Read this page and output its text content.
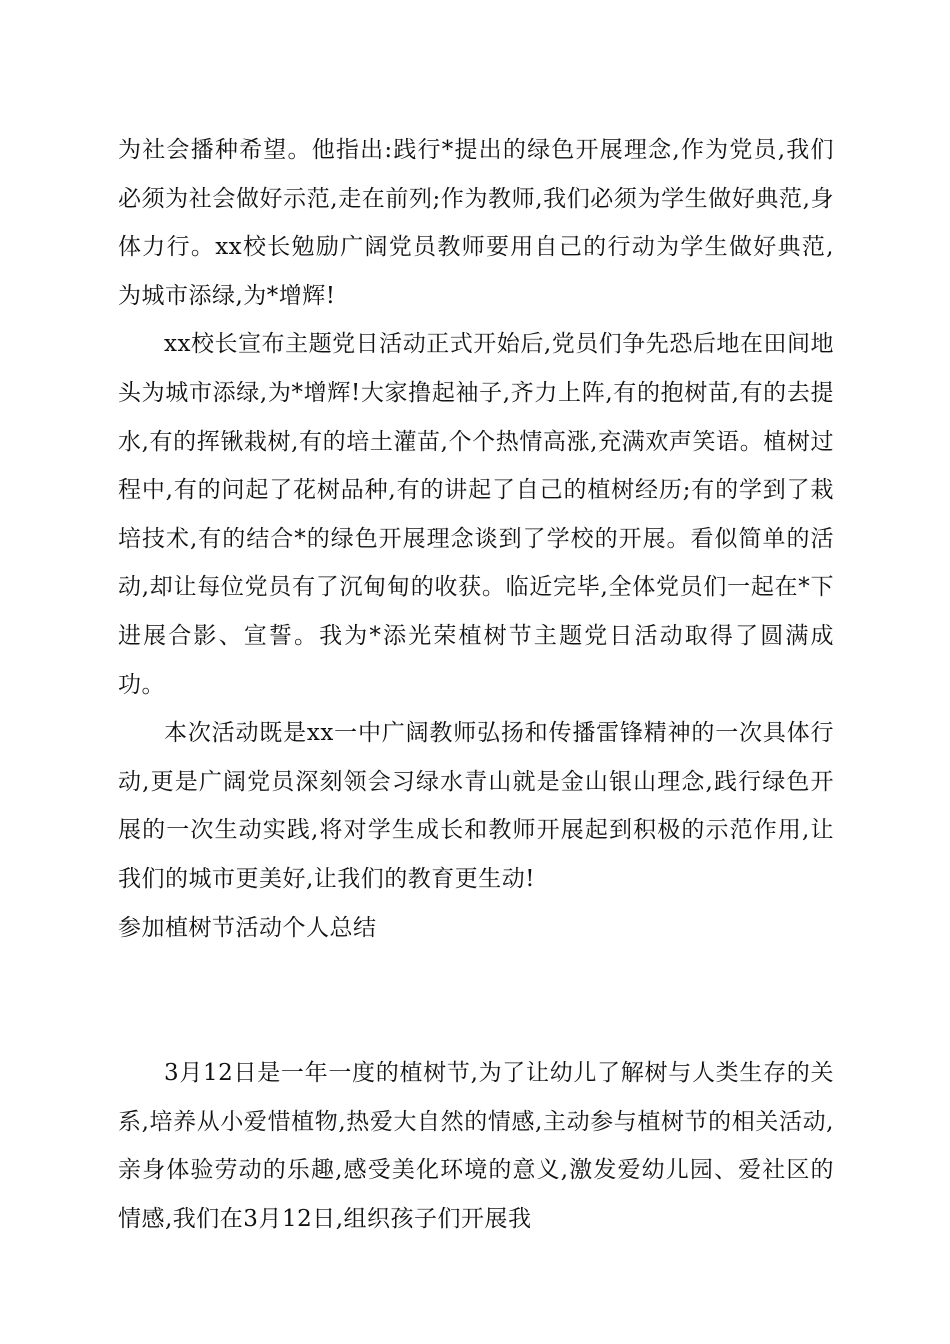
为社会播种希望。他指出:践行*提出的绿色开展理念,作为党员,我们必须为社会做好示范,走在前列;作为教师,我们必须为学生做好典范,身体力行。xx校长勉励广阔党员教师要用自己的行动为学生做好典范,为城市添绿,为*增辉!

xx校长宣布主题党日活动正式开始后,党员们争先恐后地在田间地头为城市添绿,为*增辉!大家撸起袖子,齐力上阵,有的抱树苗,有的去提水,有的挥锹栽树,有的培土灌苗,个个热情高涨,充满欢声笑语。植树过程中,有的问起了花树品种,有的讲起了自己的植树经历;有的学到了栽培技术,有的结合*的绿色开展理念谈到了学校的开展。看似简单的活动,却让每位党员有了沉甸甸的收获。临近完毕,全体党员们一起在*下进展合影、宣誓。我为*添光荣植树节主题党日活动取得了圆满成功。

本次活动既是xx一中广阔教师弘扬和传播雷锋精神的一次具体行动,更是广阔党员深刻领会习绿水青山就是金山银山理念,践行绿色开展的一次生动实践,将对学生成长和教师开展起到积极的示范作用,让我们的城市更美好,让我们的教育更生动!

参加植树节活动个人总结

3月12日是一年一度的植树节,为了让幼儿了解树与人类生存的关系,培养从小爱惜植物,热爱大自然的情感,主动参与植树节的相关活动,亲身体验劳动的乐趣,感受美化环境的意义,激发爱幼儿园、爱社区的情感,我们在3月12日,组织孩子们开展我
